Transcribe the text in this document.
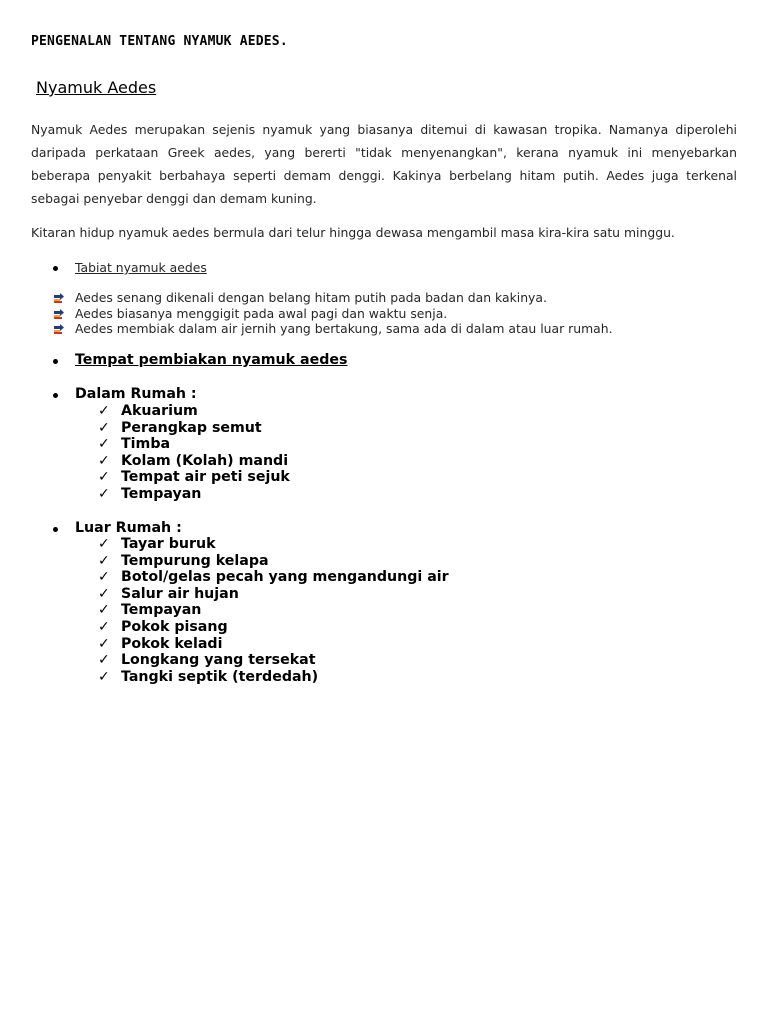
PENGENALAN TENTANG NYAMUK AEDES.
Nyamuk Aedes

Nyamuk Aedes merupakan sejenis nyamuk yang biasanya ditemui di kawasan tropika. Namanya diperolehi daripada perkataan Greek aedes, yang bererti "tidak menyenangkan", kerana nyamuk ini menyebarkan beberapa penyakit berbahaya seperti demam denggi. Kakinya berbelang hitam putih. Aedes juga terkenal sebagai penyebar denggi dan demam kuning.

Kitaran hidup nyamuk aedes bermula dari telur hingga dewasa mengambil masa kira-kira satu minggu.

Tabiat nyamuk aedes
Aedes senang dikenali dengan belang hitam putih pada badan dan kakinya.
Aedes biasanya menggigit pada awal pagi dan waktu senja.
Aedes membiak dalam air jernih yang bertakung, sama ada di dalam atau luar rumah.
Tempat pembiakan nyamuk aedes
Dalam Rumah :
✓ Akuarium
✓ Perangkap semut
✓ Timba
✓ Kolam (Kolah) mandi
✓ Tempat air peti sejuk
✓ Tempayan
Luar Rumah :
✓ Tayar buruk
✓ Tempurung kelapa
✓ Botol/gelas pecah yang mengandungi air
✓ Salur air hujan
✓ Tempayan
✓ Pokok pisang
✓ Pokok keladi
✓ Longkang yang tersekat
✓ Tangki septik (terdedah)
